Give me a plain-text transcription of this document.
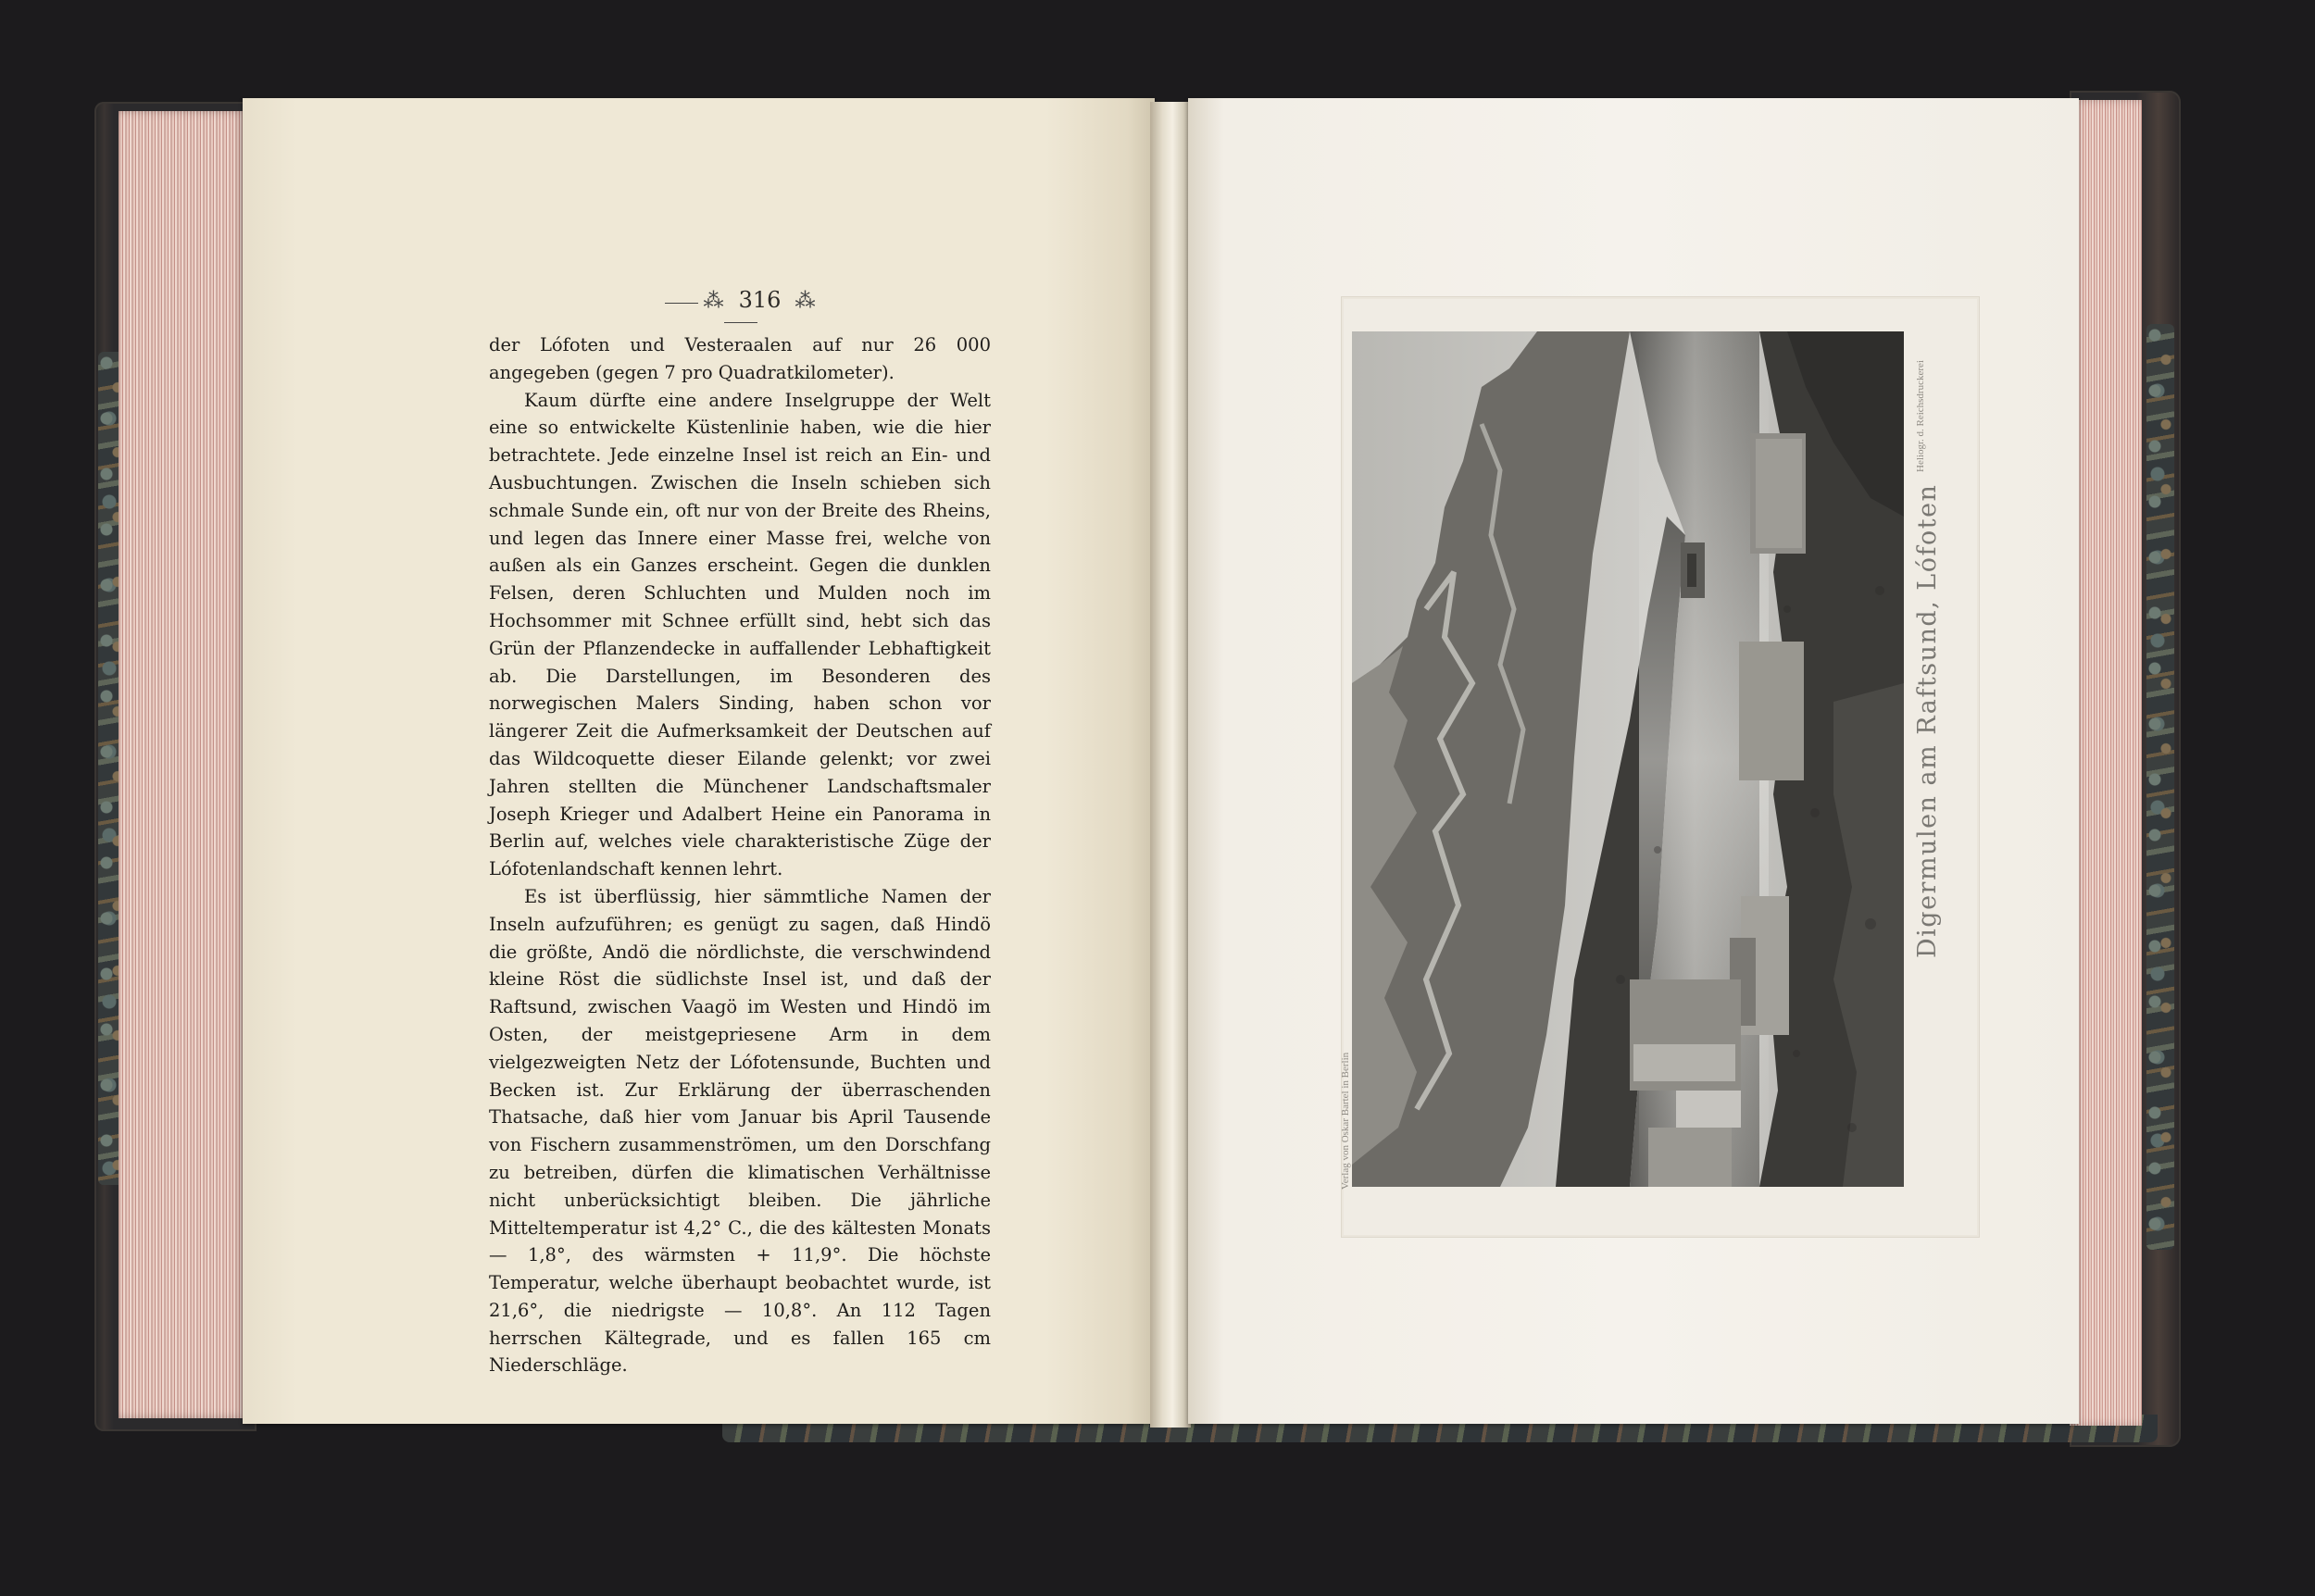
⁂ 316 ⁂

der Lófoten und Vesteraalen auf nur 26 000 angegeben (gegen 7 pro Quadratkilometer).

Kaum dürfte eine andere Inselgruppe der Welt eine so entwickelte Küstenlinie haben, wie die hier betrachtete. Jede einzelne Insel ist reich an Ein- und Ausbuchtungen. Zwischen die Inseln schieben sich schmale Sunde ein, oft nur von der Breite des Rheins, und legen das Innere einer Masse frei, welche von außen als ein Ganzes erscheint. Gegen die dunklen Felsen, deren Schluchten und Mulden noch im Hochsommer mit Schnee erfüllt sind, hebt sich das Grün der Pflanzendecke in auffallender Lebhaftigkeit ab. Die Darstellungen, im Besonderen des norwegischen Malers Sinding, haben schon vor längerer Zeit die Aufmerksamkeit der Deutschen auf das Wildcoquette dieser Eilande gelenkt; vor zwei Jahren stellten die Münchener Landschaftsmaler Joseph Krieger und Adalbert Heine ein Panorama in Berlin auf, welches viele charakteristische Züge der Lófotenlandschaft kennen lehrt.

Es ist überflüssig, hier sämmtliche Namen der Inseln aufzuführen; es genügt zu sagen, daß Hindö die größte, Andö die nördlichste, die verschwindend kleine Röst die südlichste Insel ist, und daß der Raftsund, zwischen Vaagö im Westen und Hindö im Osten, der meistgepriesene Arm in dem vielgezweigten Netz der Lófotensunde, Buchten und Becken ist. Zur Erklärung der überraschenden Thatsache, daß hier vom Januar bis April Tausende von Fischern zusammenströmen, um den Dorschfang zu betreiben, dürfen die klimatischen Verhältnisse nicht unberücksichtigt bleiben. Die jährliche Mitteltemperatur ist 4,2° C., die des kältesten Monats — 1,8°, des wärmsten + 11,9°. Die höchste Temperatur, welche überhaupt beobachtet wurde, ist 21,6°, die niedrigste — 10,8°. An 112 Tagen herrschen Kältegrade, und es fallen 165 cm Niederschläge.

Digermulen am Raftsund, Lófoten
Heliogr. d. Reichsdruckerei
Verlag von Oskar Bartel in Berlin
